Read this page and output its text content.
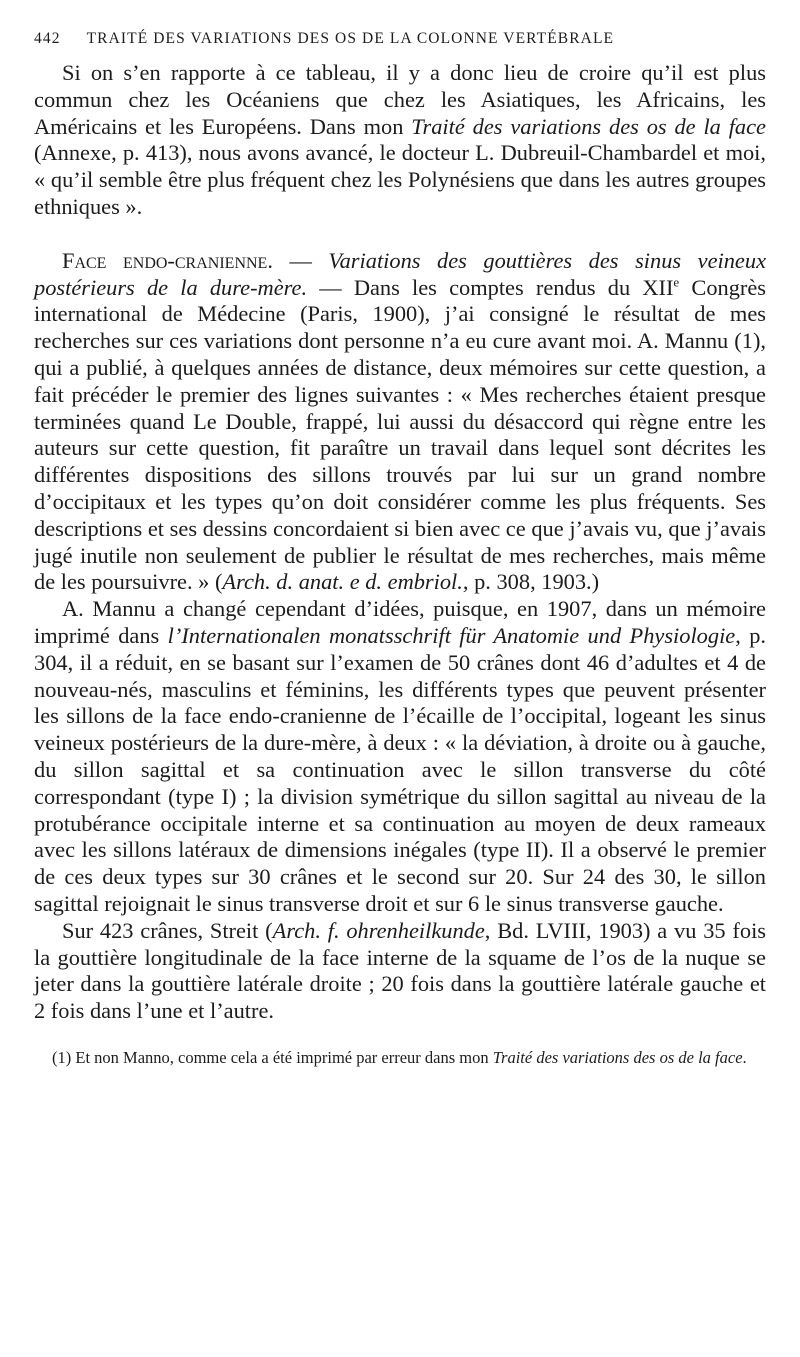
442 TRAITÉ DES VARIATIONS DES OS DE LA COLONNE VERTÉBRALE

Si on s’en rapporte à ce tableau, il y a donc lieu de croire qu’il est plus commun chez les Océaniens que chez les Asiatiques, les Africains, les Américains et les Européens. Dans mon Traité des variations des os de la face (Annexe, p. 413), nous avons avancé, le docteur L. Dubreuil-Chambardel et moi, « qu’il semble être plus fréquent chez les Polynésiens que dans les autres groupes ethniques ».

Face endo-cranienne. — Variations des gouttières des sinus veineux postérieurs de la dure-mère. — Dans les comptes rendus du XIIe Congrès international de Médecine (Paris, 1900), j’ai consigné le résultat de mes recherches sur ces variations dont personne n’a eu cure avant moi. A. Mannu (1), qui a publié, à quelques années de distance, deux mémoires sur cette question, a fait précéder le premier des lignes suivantes : « Mes recherches étaient presque terminées quand Le Double, frappé, lui aussi du désaccord qui règne entre les auteurs sur cette question, fit paraître un travail dans lequel sont décrites les différentes dispositions des sillons trouvés par lui sur un grand nombre d’occipitaux et les types qu’on doit considérer comme les plus fréquents. Ses descriptions et ses dessins concordaient si bien avec ce que j’avais vu, que j’avais jugé inutile non seulement de publier le résultat de mes recherches, mais même de les poursuivre. » (Arch. d. anat. e d. embriol., p. 308, 1903.)

A. Mannu a changé cependant d’idées, puisque, en 1907, dans un mémoire imprimé dans l’Internationalen monatsschrift für Anatomie und Physiologie, p. 304, il a réduit, en se basant sur l’examen de 50 crânes dont 46 d’adultes et 4 de nouveau-nés, masculins et féminins, les différents types que peuvent présenter les sillons de la face endo-cranienne de l’écaille de l’occipital, logeant les sinus veineux postérieurs de la dure-mère, à deux : « la déviation, à droite ou à gauche, du sillon sagittal et sa continuation avec le sillon transverse du côté correspondant (type I) ; la division symétrique du sillon sagittal au niveau de la protubérance occipitale interne et sa continuation au moyen de deux rameaux avec les sillons latéraux de dimensions inégales (type II). Il a observé le premier de ces deux types sur 30 crânes et le second sur 20. Sur 24 des 30, le sillon sagittal rejoignait le sinus transverse droit et sur 6 le sinus transverse gauche.

Sur 423 crânes, Streit (Arch. f. ohrenheilkunde, Bd. LVIII, 1903) a vu 35 fois la gouttière longitudinale de la face interne de la squame de l’os de la nuque se jeter dans la gouttière latérale droite ; 20 fois dans la gouttière latérale gauche et 2 fois dans l’une et l’autre.

(1) Et non Manno, comme cela a été imprimé par erreur dans mon Traité des variations des os de la face.
